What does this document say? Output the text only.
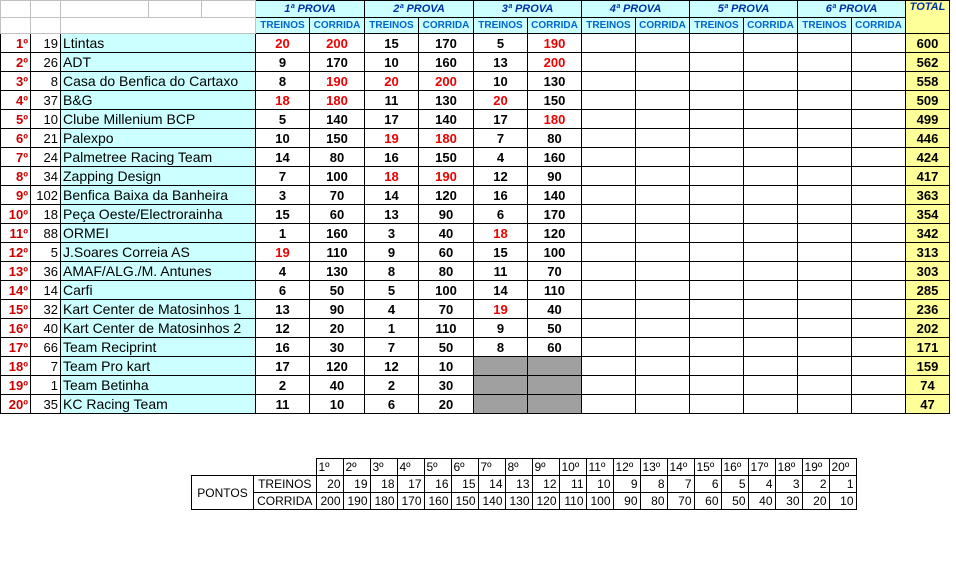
					1ª PROVA		2ª PROVA		3ª PROVA		4ª PROVA		5ª PROVA		6ª PROVA		TOTAL
					TREINOS	CORRIDA	TREINOS	CORRIDA	TREINOS	CORRIDA	TREINOS	CORRIDA	TREINOS	CORRIDA	TREINOS	CORRIDA	
1º	19	Ltintas			20	200	15	170	5	190							600
2º	26	ADT			9	170	10	160	13	200							562
3º	8	Casa do Benfica do Cartaxo			8	190	20	200	10	130							558
4º	37	B&G			18	180	11	130	20	150							509
5º	10	Clube Millenium BCP			5	140	17	140	17	180							499
6º	21	Palexpo			10	150	19	180	7	80							446
7º	24	Palmetree Racing Team			14	80	16	150	4	160							424
8º	34	Zapping Design			7	100	18	190	12	90							417
9º	102	Benfica Baixa da Banheira			3	70	14	120	16	140							363
10º	18	Peça Oeste/Electrorainha			15	60	13	90	6	170							354
11º	88	ORMEI			1	160	3	40	18	120							342
12º	5	J.Soares Correia AS			19	110	9	60	15	100							313
13º	36	AMAF/ALG./M. Antunes			4	130	8	80	11	70							303
14º	14	Carfi			6	50	5	100	14	110							285
15º	32	Kart Center de Matosinhos 1			13	90	4	70	19	40							236
16º	40	Kart Center de Matosinhos 2			12	20	1	110	9	50							202
17º	66	Team Reciprint			16	30	7	50	8	60							171
18º	7	Team Pro kart			17	120	12	10									159
19º	1	Team Betinha			2	40	2	30									74
20º	35	KC Racing Team			11	10	6	20									47
		1º	2º	3º	4º	5º	6º	7º	8º	9º	10º	11º	12º	13º	14º	15º	16º	17º	18º	19º	20º
PONTOS	TREINOS	20	19	18	17	16	15	14	13	12	11	10	9	8	7	6	5	4	3	2	1
	CORRIDA	200	190	180	170	160	150	140	130	120	110	100	90	80	70	60	50	40	30	20	10
